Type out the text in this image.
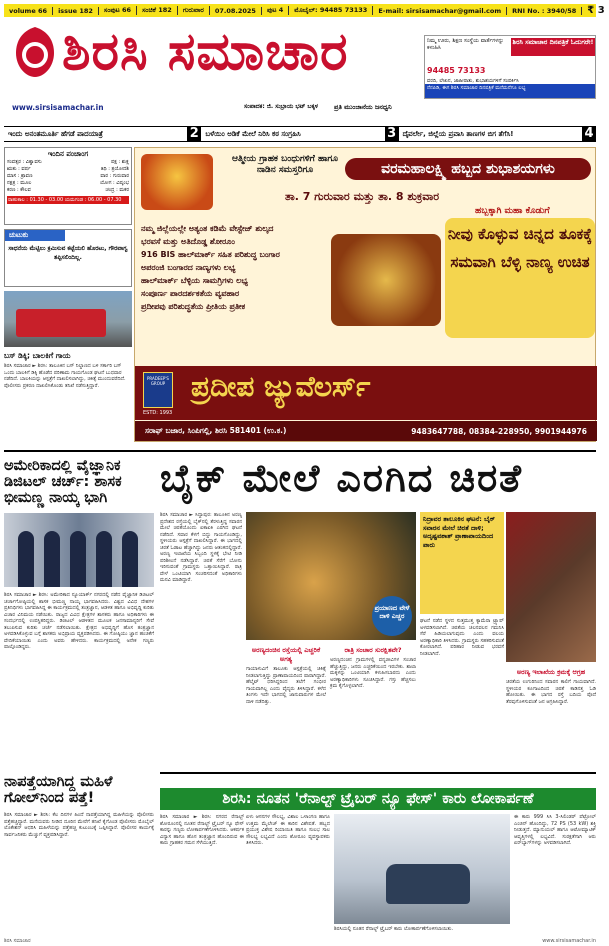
volume 66	issue 182	ಸಂಪುಟ 66	ಸಂಚಿಕೆ 182	ಗುರುವಾರ	07.08.2025	ಪುಟ 4	ಮೊಬೈಲ್: 94485 73133	E-mail: sirsisamachar@gmail.com	RNI No. : 3940/58	₹ 3
ಶಿರಸಿ ಸಮಾಚಾರ	ನಿಮ್ಮ ಊರು, ಶಿಕ್ಷಣ ಸಂಸ್ಥೆಯ ವಾರ್ತೆಗಳನ್ನು ಕಳುಹಿಸಿ
ಶಿರಸಿ ಸಮಾಚಾರ ದಿನಪತ್ರಿಕೆ ಓದುಗರೇ!
94485 73133
ವರದಿ, ಲೇಖನ, ಜಾಹೀರಾತು, ಶುಭಾಶಯಗಳಿಗೆ ಸಂಪರ್ಕಿಸಿ
ನೆನಪಿಡಿ, ಈಗ ಶಿರಸಿ ಸಮಾಚಾರ ದಿನಪತ್ರಿಕೆ ಮನೆಮನೆಗೂ ಲಭ್ಯ
www.sirsisamachar.in	ಸಂಪಾದಕ: ಜಿ. ಸುಬ್ರಾಯ ಭಟ್ ಬಕ್ಕಳ ಪ್ರತಿ ಮುಂಜಾನೆಯ ಜನಧ್ವನಿ
ಇಂದು ಅನಂತಮೂರ್ತಿ ಹೆಗಡೆ ಪಾದಯಾತ್ರೆ	2 ಬಳೆಯಿಂ ಅಡಿಕೆ ಮೇಲೆ ನಿರಿಸಿ ಕಠ ಸಂಗ್ರಹಿಸಿ	3 ದೈವರ್ಲೇ, ಜಿಲ್ಲೆಯ ಪ್ರವಾಸಿ ತಾಣಗಳ ಬಿಗ ತೆಗೆಸಿ!	4
ಇಂದಿನ ಪಂಚಾಂಗ
ಸಂವತ್ಸರ : ವಿಶ್ವಾವಸು	ಪಕ್ಷ : ಶುಕ್ಲ
ಋತು : ವರ್ಷ	ತಿಥಿ : ತ್ರಯೋದಶಿ
ಮಾಸ : ಶ್ರಾವಣ	ವಾರ : ಗುರುವಾರ
ನಕ್ಷತ್ರ : ಮೂಲ	ಯೋಗ : ವಿಷ್ಕಂಭ
ಕರಣ : ಕೌಲವ	ಚಂದ್ರ : ಮಕರ
ರಾಹುಕಾಲ : 01.30 - 03.00 ಯಮಗಂಡ : 06.00 - 07.30
ಚುಟುಕು
ಸಾಧನೆಯ ಮೆಟ್ಟಿಲು ಕ್ರಮಿಸುವ ಕಟ್ಟೆಯಲಿ ಹೊರಟು, ಗೌರವಾಗ್ವ ತಪ್ಪಿಸಲಿಂದಿಲ್ಲ.
ಬಸ್ ಡಿಕ್ಕಿ; ಬಾಲಕಿಗೆ ಗಾಯ
ಶಿರಸಿ ಸಮಾಚಾರ ► ಶಿರಸಿ: ತಾಲೂಕಿನ ಬಸ್ ನಿಲ್ದಾಣದ ಬಳಿ ಸರ್ಕಾರಿ ಬಸ್ ಒಂದು ಬಾಲಕಿಗೆ ಡಿಕ್ಕಿ ಹೊಡೆದ ಪರಿಣಾಮ ಗಾಯಗೊಂಡ ಘಟನೆ ಬುಧವಾರ ನಡೆದಿದೆ. ಬಾಲಕಿಯನ್ನು ಆಸ್ಪತ್ರೆಗೆ ದಾಖಲಿಸಲಾಗಿದ್ದು, ಚಿಕಿತ್ಸೆ ಮುಂದುವರೆದಿದೆ. ಪೊಲೀಸರು ಪ್ರಕರಣ ದಾಖಲಿಸಿಕೊಂಡು ತನಿಖೆ ನಡೆಸುತ್ತಿದ್ದಾರೆ.
ಆತ್ಮೀಯ ಗ್ರಾಹಕ ಬಂಧುಗಳಿಗೆ ಹಾಗೂ ನಾಡಿನ ಸಮಸ್ತರಿಗೂ	ವರಮಹಾಲಕ್ಷ್ಮಿ ಹಬ್ಬದ ಶುಭಾಶಯಗಳು
ತಾ. 7 ಗುರುವಾರ ಮತ್ತು ತಾ. 8 ಶುಕ್ರವಾರ
ಹಬ್ಬಕ್ಕಾಗಿ ಮಹಾ ಕೊಡುಗೆ
ನಮ್ಮ ಜಿಲ್ಲೆಯಲ್ಲೇ ಅತ್ಯಂತ ಕಡಿಮೆ ವೇಸ್ಟೇಜ್ ಶುಲ್ಕದ ಭರವಸೆ ಮತ್ತು ಅತಿದೊಡ್ಡ ಶೋರೂಂ
916 BIS ಹಾಲ್‌ಮಾರ್ಕ್ ಸಹಿತ ಪರಿಶುದ್ಧ ಬಂಗಾರ
ಅಪರಂಜಿ ಬಂಗಾರದ ನಾಣ್ಯಗಳು ಲಭ್ಯ
ಹಾಲ್‌ಮಾರ್ಕ್ ಬೆಳ್ಳಿಯ ಸಾಮಗ್ರಿಗಳು ಲಭ್ಯ
ಸಂಪೂರ್ಣ ಪಾರದರ್ಶಕತೆಯ ವ್ಯವಹಾರ
ಪ್ರದೀಪವು ಪರಿಶುದ್ಧತೆಯ ಪ್ರೀತಿಯ ಪ್ರತೀಕ
ನೀವು ಕೊಳ್ಳುವ ಚಿನ್ನದ ತೂಕಕ್ಕೆ ಸಮವಾಗಿ ಬೆಳ್ಳಿ ನಾಣ್ಯ ಉಚಿತ
PRADEEP'S GROUP
ESTD: 1993
ಪ್ರದೀಪ ಜ್ಯುವೆಲರ್ಸ್
ಸರಾಫ್ ಬಜಾರ, ಸಿಂಪಿಗಲ್ಲಿ, ಶಿರಸಿ 581401 (ಉ.ಕ.)	9483647788, 08384-228950, 9901944976
ಅಮೇರಿಕಾದಲ್ಲಿ ವೈಜ್ಞಾನಿಕ ಡಿಜಿಟಲ್ ಚರ್ಚ್: ಶಾಸಕ ಭೀಮಣ್ಣ ನಾಯ್ಕ ಭಾಗಿ
ಶಿರಸಿ ಸಮಾಚಾರ ► ಶಿರಸಿ: ಅಮೇರಿಕಾದ ನ್ಯೂಯಾರ್ಕ್ ನಗರದಲ್ಲಿ ನಡೆದ ವೈಜ್ಞಾನಿಕ ಡಿಜಿಟಲ್ ಚರ್ಚಾಗೋಷ್ಠಿಯಲ್ಲಿ ಶಾಸಕ ಭೀಮಣ್ಣ ನಾಯ್ಕ ಭಾಗವಹಿಸಿದರು. ವಿಶ್ವದ ವಿವಿಧ ದೇಶಗಳ ಪ್ರತಿನಿಧಿಗಳು ಭಾಗವಹಿಸಿದ್ದ ಈ ಕಾರ್ಯಕ್ರಮದಲ್ಲಿ ತಂತ್ರಜ್ಞಾನ, ಆಡಳಿತ ಹಾಗೂ ಅಭಿವೃದ್ಧಿ ಕುರಿತು ವಿಚಾರ ವಿನಿಮಯ ನಡೆಯಿತು. ರಾಜ್ಯದ ವಿವಿಧ ಕ್ಷೇತ್ರಗಳ ಶಾಸಕರು ಹಾಗೂ ಅಧಿಕಾರಿಗಳು ಈ ಸಂದರ್ಭದಲ್ಲಿ ಉಪಸ್ಥಿತರಿದ್ದರು. ಡಿಜಿಟಲ್ ಆಡಳಿತದ ಮೂಲಕ ಜನಸಾಮಾನ್ಯರಿಗೆ ಸೇವೆ ತಲುಪಿಸುವ ಕುರಿತು ಚರ್ಚೆ ನಡೆಸಲಾಯಿತು. ಕ್ಷೇತ್ರದ ಅಭಿವೃದ್ಧಿಗೆ ಹೊಸ ತಂತ್ರಜ್ಞಾನ ಅಳವಡಿಸಿಕೊಳ್ಳುವ ಬಗ್ಗೆ ಶಾಸಕರು ಅಭಿಪ್ರಾಯ ವ್ಯಕ್ತಪಡಿಸಿದರು. ಈ ಗೋಷ್ಠಿಯು ಜ್ಞಾನ ಹಂಚಿಕೆಗೆ ವೇದಿಕೆಯಾಯಿತು ಎಂದು ಅವರು ಹೇಳಿದರು. ಕಾರ್ಯಕ್ರಮದಲ್ಲಿ ಅನೇಕ ಗಣ್ಯರು ಪಾಲ್ಗೊಂಡಿದ್ದರು.
ನಾಪತ್ತೆಯಾಗಿದ್ದ ಮಹಿಳೆ ಗೋಲ್‌ನಿಂದ ಪತ್ತೆ!
ಶಿರಸಿ ಸಮಾಚಾರ ► ಶಿರಸಿ: ಕೆಲ ದಿನಗಳ ಹಿಂದೆ ನಾಪತ್ತೆಯಾಗಿದ್ದ ಮಹಿಳೆಯನ್ನು ಪೊಲೀಸರು ಪತ್ತೆಹಚ್ಚಿದ್ದಾರೆ. ಮನೆಯವರು ನೀಡಿದ ದೂರಿನ ಮೇರೆಗೆ ತನಿಖೆ ಕೈಗೊಂಡ ಪೊಲೀಸರು ಮೊಬೈಲ್ ಲೊಕೇಶನ್ ಆಧರಿಸಿ ಮಹಿಳೆಯನ್ನು ಪತ್ತೆಹಚ್ಚಿ ಕುಟುಂಬಕ್ಕೆ ಒಪ್ಪಿಸಿದ್ದಾರೆ. ಪೊಲೀಸರ ಕಾರ್ಯಕ್ಕೆ ಸಾರ್ವಜನಿಕರು ಮೆಚ್ಚುಗೆ ವ್ಯಕ್ತಪಡಿಸಿದ್ದಾರೆ.
ಬೈಕ್ ಮೇಲೆ ಎರಗಿದ ಚಿರತೆ
ಶಿರಸಿ ಸಮಾಚಾರ ► ಸಿದ್ದಾಪುರ: ತಾಲೂಕಿನ ಅರಣ್ಯ ಪ್ರದೇಶದ ರಸ್ತೆಯಲ್ಲಿ ಬೈಕ್‌ನಲ್ಲಿ ತೆರಳುತ್ತಿದ್ದ ಸವಾರನ ಮೇಲೆ ಚಿರತೆಯೊಂದು ಏಕಾಏಕಿ ಎರಗಿದ ಘಟನೆ ನಡೆದಿದೆ. ಸವಾರ ಕೆಳಗೆ ಬಿದ್ದು ಗಾಯಗೊಂಡಿದ್ದು, ಸ್ಥಳೀಯರು ಆಸ್ಪತ್ರೆಗೆ ದಾಖಲಿಸಿದ್ದಾರೆ. ಈ ಭಾಗದಲ್ಲಿ ಚಿರತೆ ಓಡಾಟ ಹೆಚ್ಚಾಗಿದ್ದು ಜನರು ಆತಂಕದಲ್ಲಿದ್ದಾರೆ. ಅರಣ್ಯ ಇಲಾಖೆಯ ಸಿಬ್ಬಂದಿ ಸ್ಥಳಕ್ಕೆ ಭೇಟಿ ನೀಡಿ ಪರಿಶೀಲನೆ ನಡೆಸಿದ್ದಾರೆ. ಚಿರತೆ ಸೆರೆಗೆ ಬೋನು ಇರಿಸುವಂತೆ ಗ್ರಾಮಸ್ಥರು ಒತ್ತಾಯಿಸಿದ್ದಾರೆ. ರಾತ್ರಿ ವೇಳೆ ಒಂಟಿಯಾಗಿ ಸಂಚರಿಸದಂತೆ ಅಧಿಕಾರಿಗಳು ಮನವಿ ಮಾಡಿದ್ದಾರೆ.
ಪ್ರಯಾಣದ ವೇಳೆ ದಾಳಿ ಎಚ್ಚರ
ನಿದ್ರಾವರ ತಾಲೂಕಿನ ಘಟನೆ: ಬೈಕ್ ಸವಾರನ ಮೇಲೆ ಚಿರತೆ ದಾಳಿ; ಅದೃಷ್ಟವಶಾತ್ ಪ್ರಾಣಾಪಾಯದಿಂದ ಪಾರು
ಅರಣ್ಯದಂಚಿನ ರಸ್ತೆಯಲ್ಲಿ ಎಚ್ಚರಿಕೆ ಅಗತ್ಯ
ಗಾಯಾಳುವಿಗೆ ತಾಲೂಕು ಆಸ್ಪತ್ರೆಯಲ್ಲಿ ಚಿಕಿತ್ಸೆ ನೀಡಲಾಗುತ್ತಿದ್ದು ಪ್ರಾಣಾಪಾಯದಿಂದ ಪಾರಾಗಿದ್ದಾರೆ. ಹೆಲ್ಮೆಟ್ ಧರಿಸಿದ್ದರಿಂದ ತಲೆಗೆ ಗಂಭೀರ ಗಾಯವಾಗಿಲ್ಲ ಎಂದು ವೈದ್ಯರು ತಿಳಿಸಿದ್ದಾರೆ. ಕಳೆದ ತಿಂಗಳು ಇದೇ ಭಾಗದಲ್ಲಿ ಜಾನುವಾರುಗಳ ಮೇಲೆ ದಾಳಿ ನಡೆದಿತ್ತು.
ರಾತ್ರಿ ಸಂಚಾರ ಸುರಕ್ಷಿತವೇ?
ಅರಣ್ಯದಂಚಿನ ಗ್ರಾಮಗಳಲ್ಲಿ ವನ್ಯಜೀವಿಗಳ ಸಂಚಾರ ಹೆಚ್ಚುತ್ತಿದ್ದು, ಜನರು ಎಚ್ಚರಿಕೆಯಿಂದ ಇರಬೇಕು. ಶಾಲಾ ಮಕ್ಕಳನ್ನು ಒಂಟಿಯಾಗಿ ಕಳುಹಿಸಬಾರದು ಎಂದು ಅರಣ್ಯಾಧಿಕಾರಿಗಳು ಸೂಚಿಸಿದ್ದಾರೆ. ಗಸ್ತು ಹೆಚ್ಚಿಸಲು ಕ್ರಮ ಕೈಗೊಳ್ಳಲಾಗಿದೆ.
ಘಟನೆ ನಡೆದ ಸ್ಥಳದ ಸುತ್ತಮುತ್ತ ಕ್ಯಾಮೆರಾ ಟ್ರ್ಯಾಪ್ ಅಳವಡಿಸಲಾಗಿದೆ. ಚಿರತೆಯ ಚಲನವಲನ ಗಮನಿಸಿ ಸೆರೆ ಹಿಡಿಯಲಾಗುವುದು ಎಂದು ವಲಯ ಅರಣ್ಯಾಧಿಕಾರಿ ತಿಳಿಸಿದರು. ಗ್ರಾಮಸ್ಥರು ಸಹಕರಿಸುವಂತೆ ಕೋರಲಾಗಿದೆ. ಪರಿಹಾರ ನೀಡುವ ಭರವಸೆ ನೀಡಲಾಗಿದೆ.
ಅರಣ್ಯ ಇಲಾಖೆಯ ಕ್ರಮಕ್ಕೆ ಆಗ್ರಹ
ಚಿರತೆಯ ಉಗುರಿನಿಂದ ಸವಾರನ ಕಾಲಿಗೆ ಗಾಯವಾಗಿದೆ. ಸ್ಥಳೀಯರ ಕೂಗಾಟದಿಂದ ಚಿರತೆ ಕಾಡಿನತ್ತ ಓಡಿ ಹೋಯಿತು. ಈ ಭಾಗದ ರಸ್ತೆ ಬದಿಯ ಪೊದೆ ತೆರವುಗೊಳಿಸುವಂತೆ ಜನ ಆಗ್ರಹಿಸಿದ್ದಾರೆ.
ಶಿರಸಿ: ನೂತನ 'ರೆನಾಲ್ಟ್ ಟ್ರೈಬರ್ ನ್ಯೂ ಫೇಸ್' ಕಾರು ಲೋಕಾರ್ಪಣೆ
ಶಿರಸಿ ಸಮಾಚಾರ ► ಶಿರಸಿ: ನಗರದ ರೆನಾಲ್ಟ್ ಶೋರೂಂನಲ್ಲಿ ನೂತನ ರೆನಾಲ್ಟ್ ಟ್ರೈಬರ್ ನ್ಯೂ ಫೇಸ್ ಕಾರನ್ನು ಗಣ್ಯರು ಲೋಕಾರ್ಪಣೆಗೊಳಿಸಿದರು. ಆಕರ್ಷಕ ವಿನ್ಯಾಸ ಹಾಗೂ ಹೊಸ ತಂತ್ರಜ್ಞಾನ ಹೊಂದಿರುವ ಈ ಕಾರು ಗ್ರಾಹಕರ ಗಮನ ಸೆಳೆಯುತ್ತಿದೆ.
ಏಳು ಆಸನಗಳ ಸೌಲಭ್ಯ, ವಿಶಾಲ ಒಳಾಂಗಣ ಹಾಗೂ ಉತ್ತಮ ಮೈಲೇಜ್ ಈ ಕಾರಿನ ವಿಶೇಷತೆ. ಹಬ್ಬದ ಪ್ರಯುಕ್ತ ವಿಶೇಷ ರಿಯಾಯಿತಿ ಹಾಗೂ ಸುಲಭ ಸಾಲ ಸೌಲಭ್ಯ ಲಭ್ಯವಿದೆ ಎಂದು ಶೋರೂಂ ವ್ಯವಸ್ಥಾಪಕರು ತಿಳಿಸಿದರು.
ಶಿರಸಿಯಲ್ಲಿ ನೂತನ ರೆನಾಲ್ಟ್ ಟ್ರೈಬರ್ ಕಾರು ಲೋಕಾರ್ಪಣೆಗೊಳಿಸಲಾಯಿತು.
ಈ ಕಾರು 999 ಸಿಸಿ 3-ಸಿಲಿಂಡರ್ ಪೆಟ್ರೋಲ್ ಎಂಜಿನ್ ಹೊಂದಿದ್ದು, 72 PS (53 kW) ಶಕ್ತಿ ನೀಡುತ್ತದೆ. ಮ್ಯಾನುಯಲ್ ಹಾಗೂ ಆಟೋಮ್ಯಾಟಿಕ್ ಆವೃತ್ತಿಗಳಲ್ಲಿ ಲಭ್ಯವಿದೆ. ಸುರಕ್ಷತೆಗಾಗಿ ಆರು ಏರ್‌ಬ್ಯಾಗ್‌ಗಳನ್ನು ಅಳವಡಿಸಲಾಗಿದೆ.
ಶಿರಸಿ ಸಮಾಚಾರ	www.sirsisamachar.in
